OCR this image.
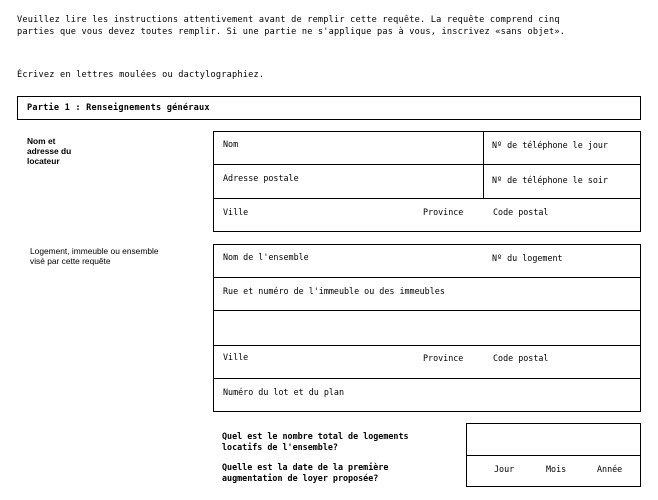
Veuillez lire les instructions attentivement avant de remplir cette requête. La requête comprend cinq
parties que vous devez toutes remplir. Si une partie ne s'applique pas à vous, inscrivez «sans objet».
Écrivez en lettres moulées ou dactylographiez.
Partie 1 : Renseignements généraux
Nom et
adresse du
locateur
Nom	Nº de téléphone le jour
Adresse postale	Nº de téléphone le soir
Ville	Province	Code postal
Logement, immeuble ou ensemble
visé par cette requête	Nom de l'ensemble	Nº du logement
Rue et numéro de l'immeuble ou des immeubles
Ville	Province	Code postal
Numéro du lot et du plan
Quel est le nombre total de logements
locatifs de l'ensemble?
Quelle est la date de la première
augmentation de loyer proposée?
Jour	Mois	Année
